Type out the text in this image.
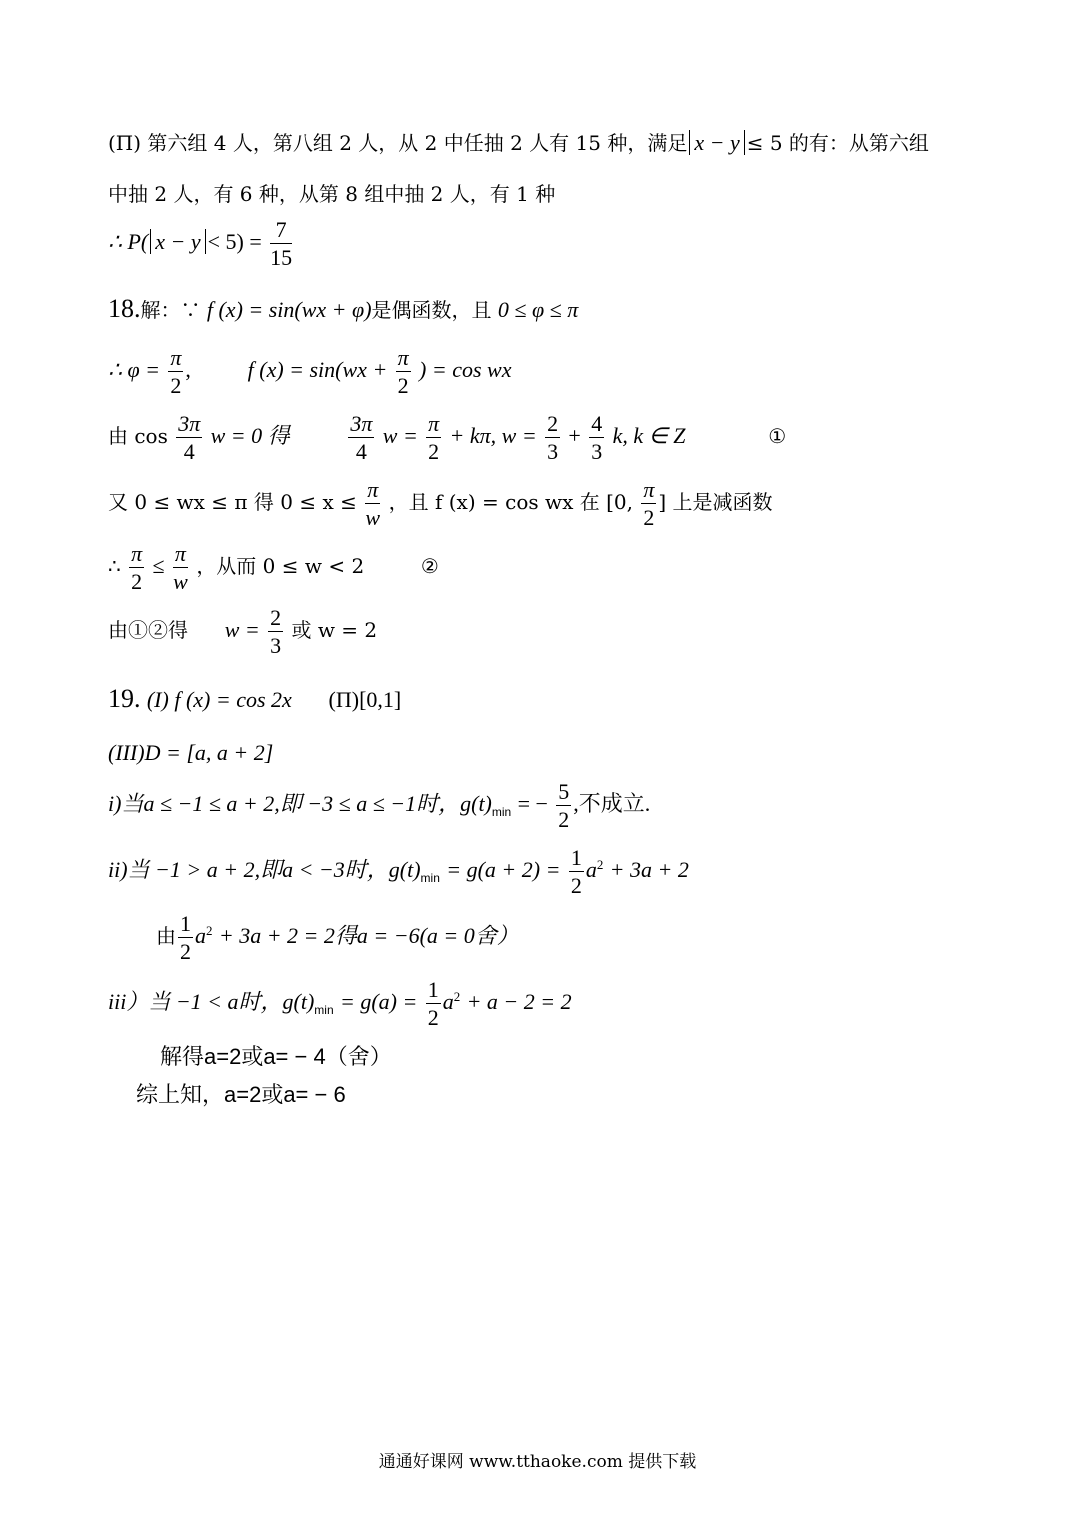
(Π) 第六组 4 人，第八组 2 人，从 2 中任抽 2 人有 15 种，满足 x − y ≤ 5 的有：从第六组
中抽 2 人，有 6 种，从第 8 组中抽 2 人，有 1 种
∴ P( $x - y < 5) = \frac{7}{15}$
18.解：∵ f (x) = sin(wx + φ)是偶函数，且 0 ≤ φ ≤ π
∴ $\varphi = \frac{\pi}{2}$ ,	f $(x) = \sin(wx + \frac{\pi}{2}$ ) = cos wx
由 $\cos \frac{3\pi}{4}$ w = 0 得	$\frac{3\pi}{4}$ $w = \frac{\pi}{2} + k\pi$, $w = \frac{2}{3} + \frac{4}{3} k$, k ∈ Z	①
又 0 ≤ wx ≤ π 得 $0 \le x \le \frac{\pi}{w}$ ，且 f (x) = cos wx 在 [0, $\frac{\pi}{2}$ ] 上是减函数
∴ $\frac{\pi}{2} \le \frac{\pi}{w}$ ，从而 0 ≤ w < 2	②
由①②得 $w = \frac{2}{3}$ 或 w = 2
19. (I) f (x) = cos 2x (Π)[0,1]
(III)D = [a, a + 2]
i)当a ≤ −1 ≤ a + 2,即 −3 ≤ a ≤ −1时，$g(t)_{min}$ = − $\frac{5}{2}$ ,不成立.
ii)当 −1 > a + 2,即a < −3时，$g(t)_{min} = g(a + 2) = \frac{1}{2} a^2 + 3a + 2$
由 $\frac{1}{2} a^2 + 3a + 2 = 2$得a = −6(a = 0舍）
iii）当 −1 < a时，$g(t)_{min} = g(a) = \frac{1}{2} a^2 + a - 2 = 2$
解得a=2或a= − 4（舍）
综上知，a=2或a= − 6
通通好课网 www.tthaoke.com 提供下载
